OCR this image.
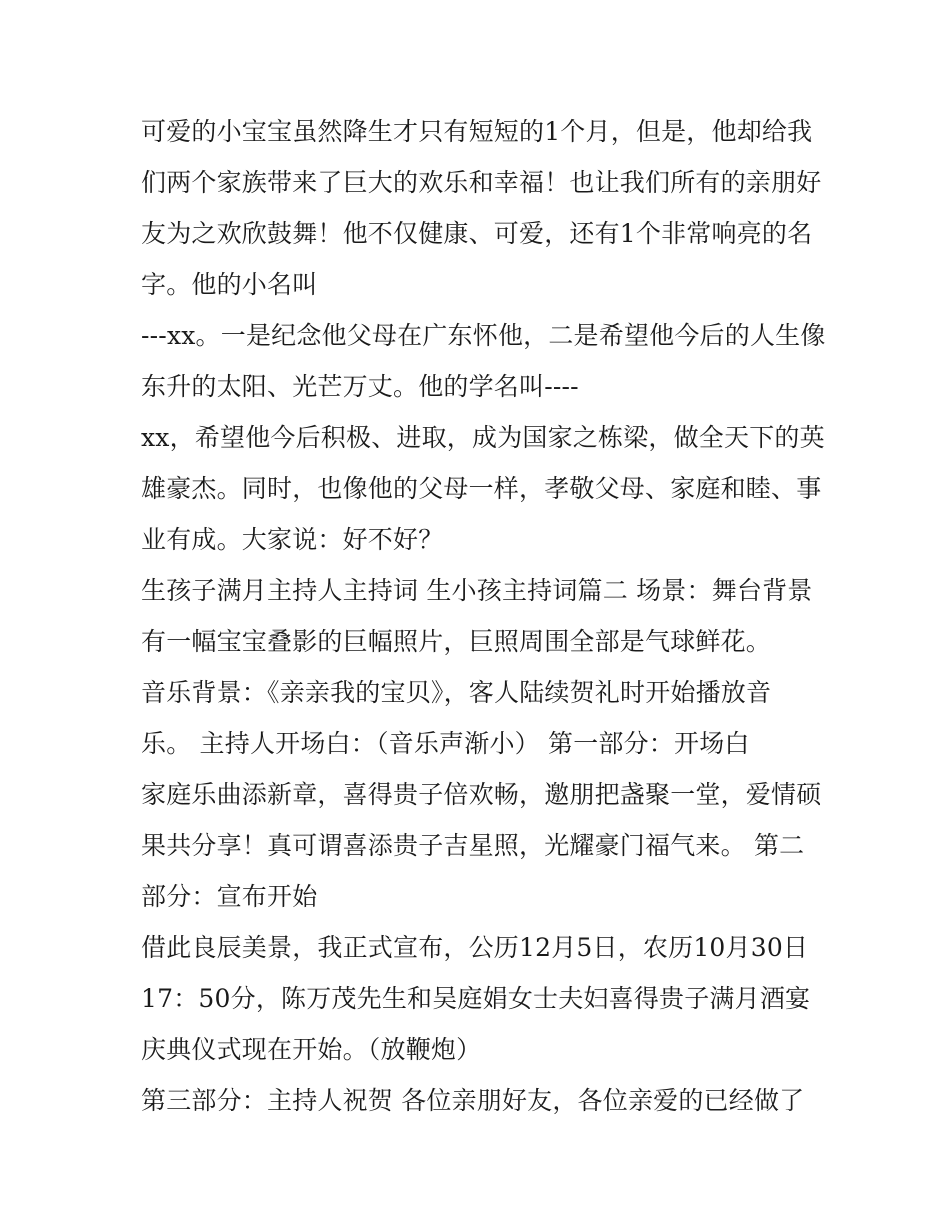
可爱的小宝宝虽然降生才只有短短的1个月，但是，他却给我
们两个家族带来了巨大的欢乐和幸福！也让我们所有的亲朋好
友为之欢欣鼓舞！他不仅健康、可爱，还有1个非常响亮的名
字。他的小名叫
---xx。一是纪念他父母在广东怀他，二是希望他今后的人生像
东升的太阳、光芒万丈。他的学名叫----
xx，希望他今后积极、进取，成为国家之栋梁，做全天下的英
雄豪杰。同时，也像他的父母一样，孝敬父母、家庭和睦、事
业有成。大家说：好不好？
生孩子满月主持人主持词 生小孩主持词篇二 场景：舞台背景
有一幅宝宝叠影的巨幅照片，巨照周围全部是气球鲜花。
音乐背景：《亲亲我的宝贝》，客人陆续贺礼时开始播放音
乐。 主持人开场白：（音乐声渐小） 第一部分：开场白
家庭乐曲添新章，喜得贵子倍欢畅，邀朋把盏聚一堂，爱情硕
果共分享！真可谓喜添贵子吉星照，光耀豪门福气来。 第二
部分：宣布开始
借此良辰美景，我正式宣布，公历12月5日，农历10月30日
17：50分，陈万茂先生和吴庭娟女士夫妇喜得贵子满月酒宴
庆典仪式现在开始。（放鞭炮）
第三部分：主持人祝贺 各位亲朋好友，各位亲爱的已经做了
